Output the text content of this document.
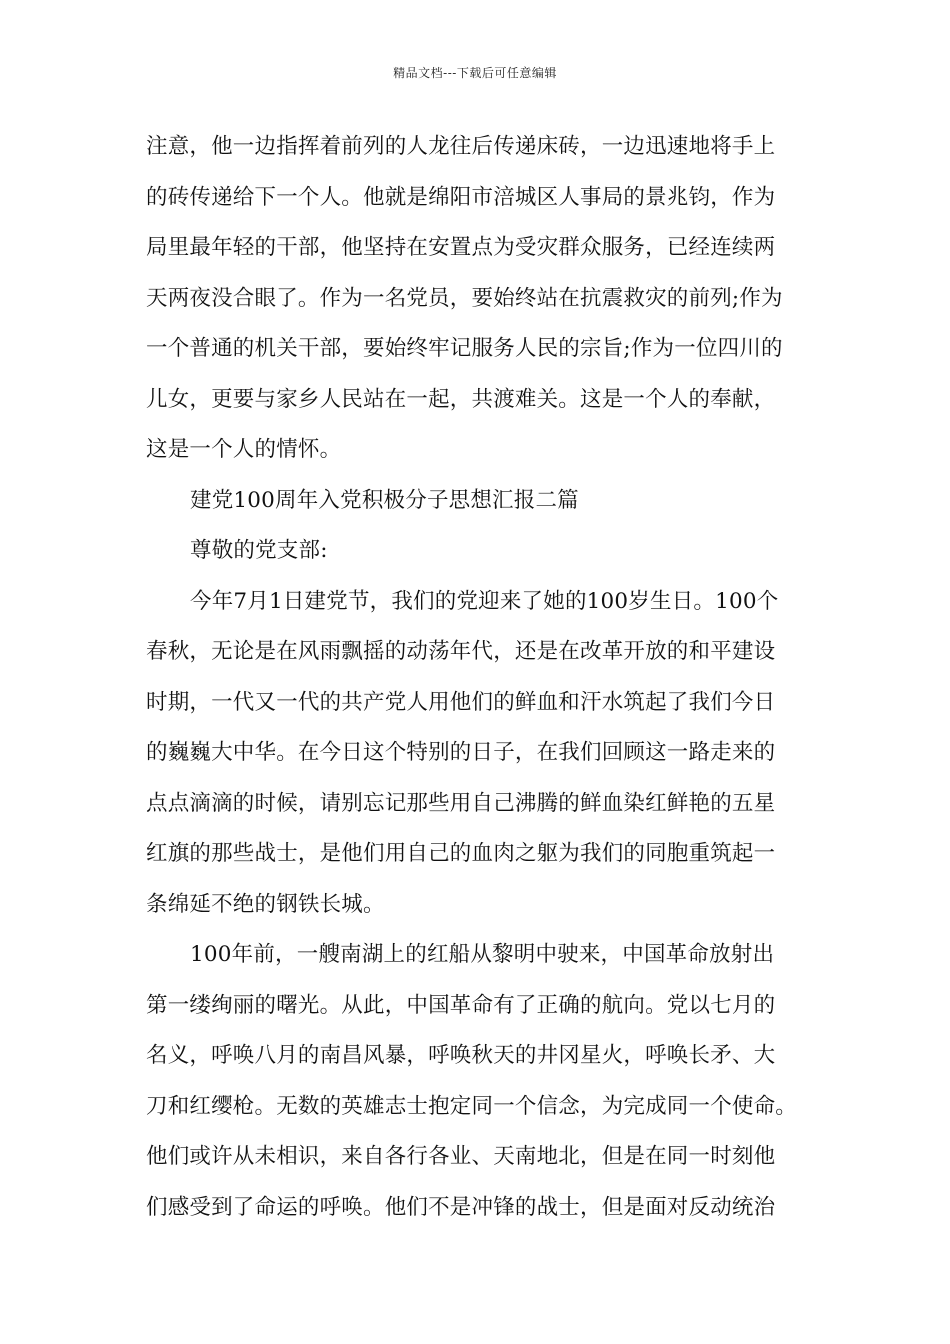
精品文档---下载后可任意编辑
注意，他一边指挥着前列的人龙往后传递床砖，一边迅速地将手上
的砖传递给下一个人。他就是绵阳市涪城区人事局的景兆钧，作为
局里最年轻的干部，他坚持在安置点为受灾群众服务，已经连续两
天两夜没合眼了。作为一名党员，要始终站在抗震救灾的前列;作为
一个普通的机关干部，要始终牢记服务人民的宗旨;作为一位四川的
儿女，更要与家乡人民站在一起，共渡难关。这是一个人的奉献，
这是一个人的情怀。
建党100周年入党积极分子思想汇报二篇
尊敬的党支部:
今年7月1日建党节，我们的党迎来了她的100岁生日。100个
春秋，无论是在风雨飘摇的动荡年代，还是在改革开放的和平建设
时期，一代又一代的共产党人用他们的鲜血和汗水筑起了我们今日
的巍巍大中华。在今日这个特别的日子，在我们回顾这一路走来的
点点滴滴的时候，请别忘记那些用自己沸腾的鲜血染红鲜艳的五星
红旗的那些战士，是他们用自己的血肉之躯为我们的同胞重筑起一
条绵延不绝的钢铁长城。
100年前，一艘南湖上的红船从黎明中驶来，中国革命放射出
第一缕绚丽的曙光。从此，中国革命有了正确的航向。党以七月的
名义，呼唤八月的南昌风暴，呼唤秋天的井冈星火，呼唤长矛、大
刀和红缨枪。无数的英雄志士抱定同一个信念，为完成同一个使命。
他们或许从未相识，来自各行各业、天南地北，但是在同一时刻他
们感受到了命运的呼唤。他们不是冲锋的战士，但是面对反动统治
